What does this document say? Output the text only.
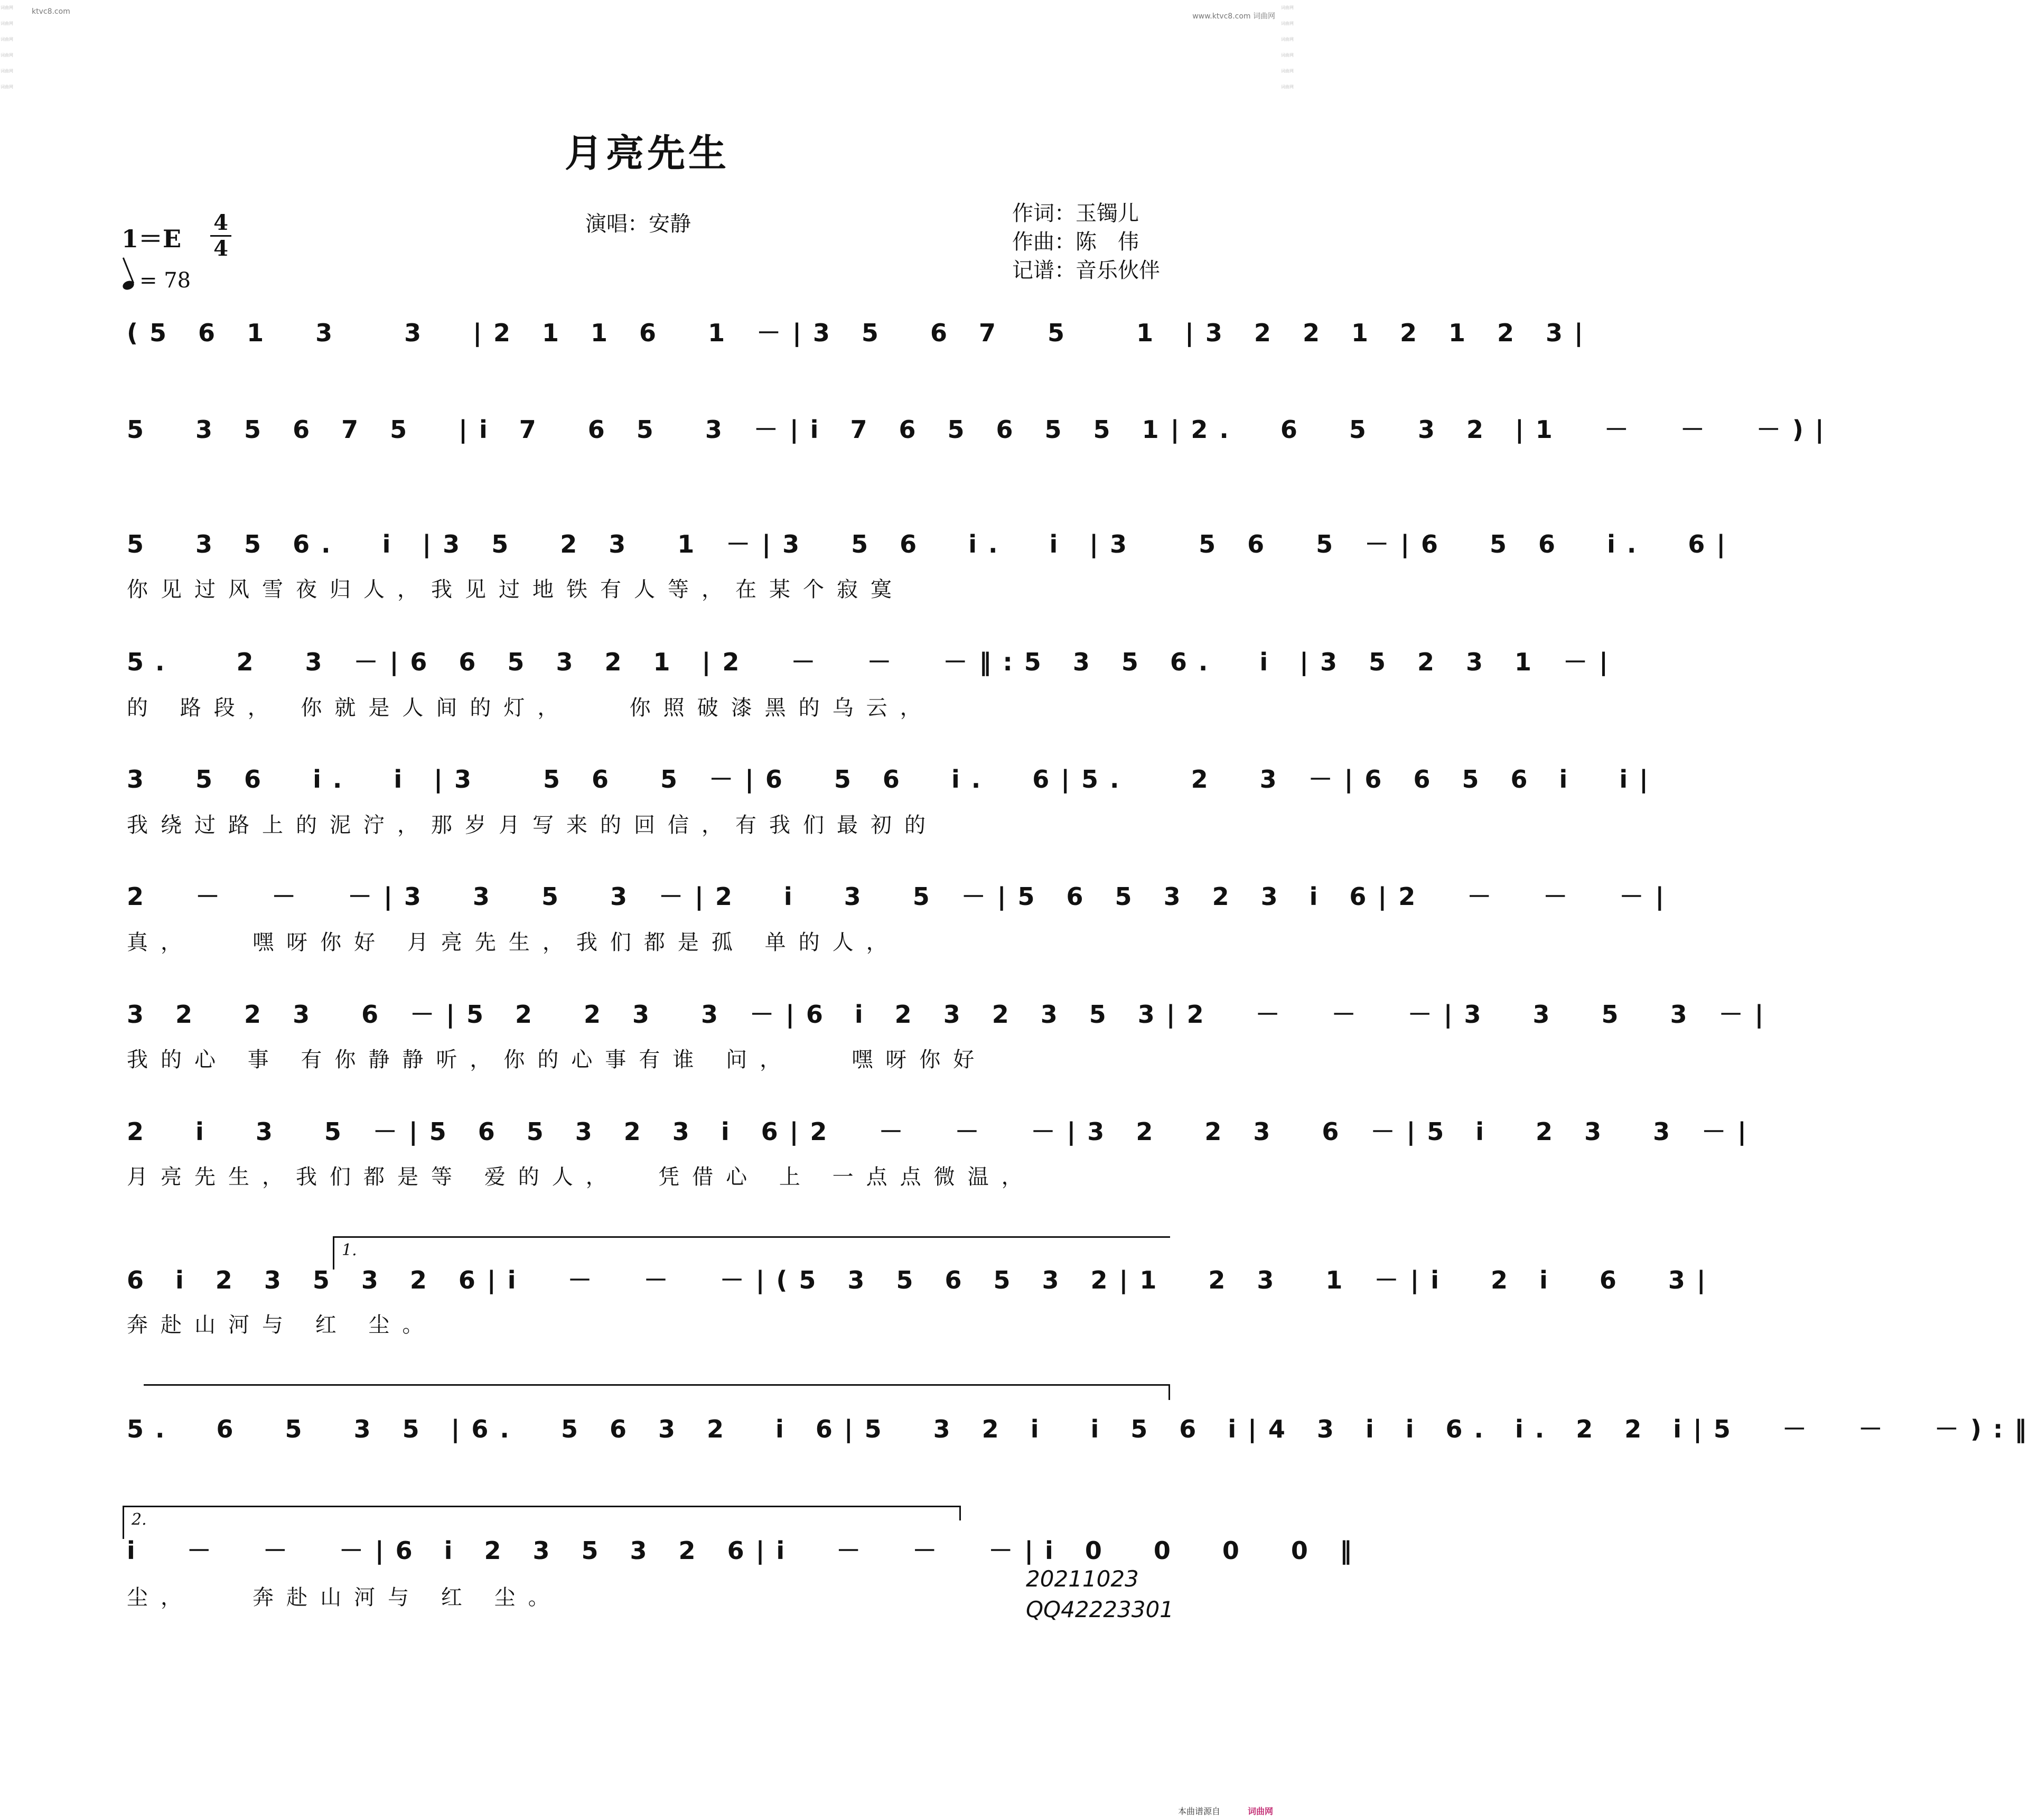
词曲网
词曲网
词曲网
词曲网
词曲网
词曲网
词曲网
词曲网
词曲网
词曲网
词曲网
词曲网
ktvc8.com
www.ktvc8.com 词曲网
月亮先生
演唱：安静	作词：玉镯儿
作曲：陈　伟
记谱：音乐伙伴
1＝E
4
4
= 78
(5 6 1  3   3  |2 1 1 6  1 －|3 5  6 7  5   1 |3 2 2 1 2 1 2 3|
5  3 5 6 7 5  |i 7  6 5  3 －|i 7 6 5 6 5 5 1|2.  6  5  3 2 |1  －  －  －)|
5  3 5 6.  i |3 5  2 3  1 －|3  5 6  i.  i |3   5 6  5 －|6  5 6  i.  6|
你见过风雪夜归人，我见过地铁有人等，在某个寂寞
5.   2  3 －|6 6 5 3 2 1 |2  －  －  －‖:5 3 5 6.  i |3 5 2 3 1 －|
的 路段， 你就是人间的灯，   你照破漆黑的乌云，
3  5 6  i.  i |3   5 6  5 －|6  5 6  i.  6|5.   2  3 －|6 6 5 6 i  i|
我绕过路上的泥泞，那岁月写来的回信，有我们最初的
2  －  －  －|3  3  5  3 －|2  i  3  5 －|5 6 5 3 2 3 i 6|2  －  －  －|
真，   嘿呀你好 月亮先生，我们都是孤 单的人，
3 2  2 3  6 －|5 2  2 3  3 －|6 i 2 3 2 3 5 3|2  －  －  －|3  3  5  3 －|
我的心 事 有你静静听，你的心事有谁 问，   嘿呀你好
2  i  3  5 －|5 6 5 3 2 3 i 6|2  －  －  －|3 2  2 3  6 －|5 i  2 3  3 －|
月亮先生，我们都是等 爱的人，  凭借心 上 一点点微温，
1.
6 i 2 3 5 3 2 6|i  －  －  －|(5 3 5 6 5 3 2|1  2 3  1 －|i  2 i  6  3|
奔赴山河与 红 尘。
5.  6  5  3 5 |6.  5 6 3 2  i 6|5  3 2 i  i 5 6 i|4 3 i i 6. i. 2 2 i|5  －  －  －):‖
2.
i  －  －  －|6 i 2 3 5 3 2 6|i  －  －  －|i 0  0  0  0 ‖
尘，   奔赴山河与 红 尘。
20211023
QQ42223301
本曲谱源自	词曲网
